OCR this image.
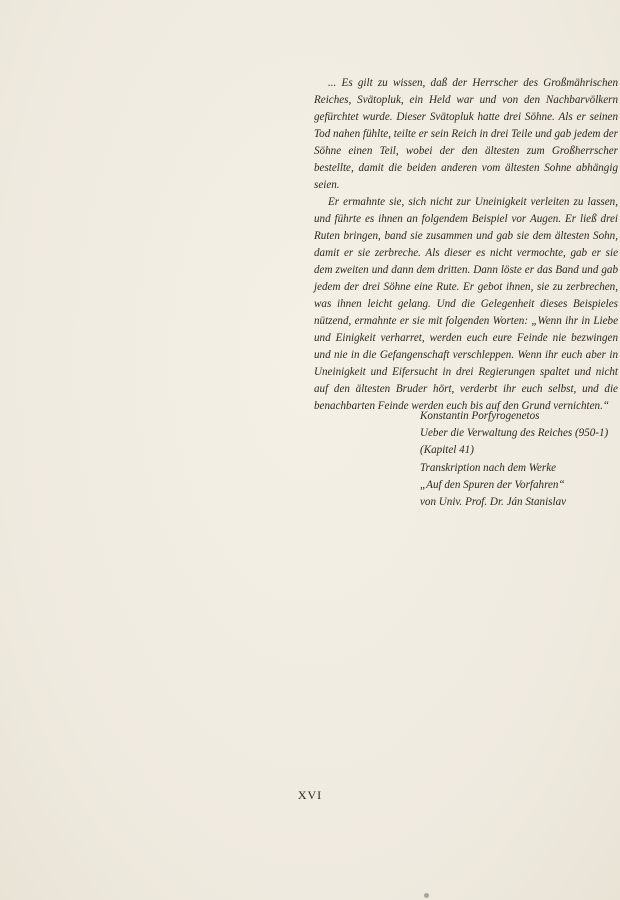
... Es gilt zu wissen, daß der Herrscher des Großmährischen Reiches, Svätopluk, ein Held war und von den Nachbarvölkern gefürchtet wurde. Dieser Svätopluk hatte drei Söhne. Als er seinen Tod nahen fühlte, teilte er sein Reich in drei Teile und gab jedem der Söhne einen Teil, wobei der den ältesten zum Großherrscher bestellte, damit die beiden anderen vom ältesten Sohne abhängig seien.

Er ermahnte sie, sich nicht zur Uneinigkeit verleiten zu lassen, und führte es ihnen an folgendem Beispiel vor Augen. Er ließ drei Ruten bringen, band sie zusammen und gab sie dem ältesten Sohn, damit er sie zerbreche. Als dieser es nicht vermochte, gab er sie dem zweiten und dann dem dritten. Dann löste er das Band und gab jedem der drei Söhne eine Rute. Er gebot ihnen, sie zu zerbrechen, was ihnen leicht gelang. Und die Gelegenheit dieses Beispieles nützend, ermahnte er sie mit folgenden Worten: „Wenn ihr in Liebe und Einigkeit verharret, werden euch eure Feinde nie bezwingen und nie in die Gefangenschaft verschleppen. Wenn ihr euch aber in Uneinigkeit und Eifersucht in drei Regierungen spaltet und nicht auf den ältesten Bruder hört, verderbt ihr euch selbst, und die benachbarten Feinde werden euch bis auf den Grund vernichten.“

Konstantin Porfyrogenetos
Ueber die Verwaltung des Reiches (950-1)
(Kapitel 41)
Transkription nach dem Werke
„Auf den Spuren der Vorfahren“
von Univ. Prof. Dr. Ján Stanislav
XVI
